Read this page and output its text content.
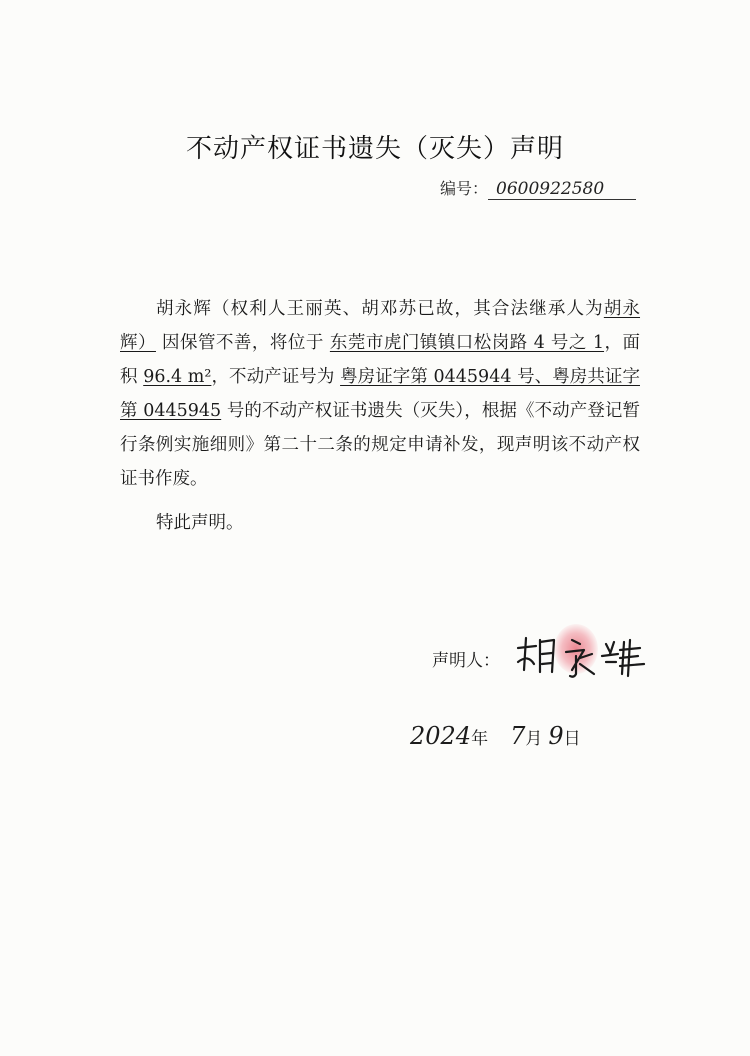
不动产权证书遗失（灭失）声明
编号： 0600922580

胡永辉（权利人王丽英、胡邓苏已故，其合法继承人为胡永辉） 因保管不善，将位于 东莞市虎门镇镇口松岗路 4 号之 1，面积 96.4 m²，不动产证号为 粤房证字第 0445944 号、粤房共证字第 0445945 号的不动产权证书遗失（灭失），根据《不动产登记暂行条例实施细则》第二十二条的规定申请补发，现声明该不动产权证书作废。

特此声明。

声明人：
2024年 7月 9日
